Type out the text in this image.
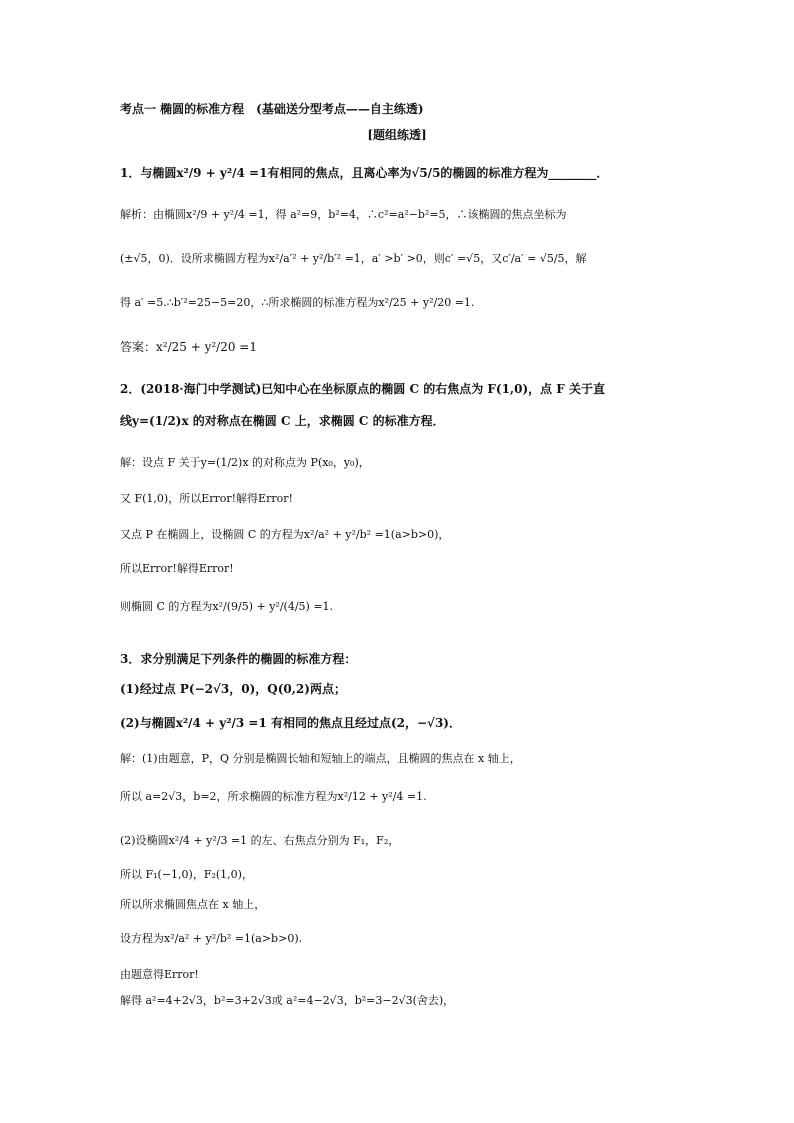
考点一 椭圆的标准方程　(基础送分型考点——自主练透)
[题组练透]
1．与椭圆x²/9 + y²/4 =1有相同的焦点，且离心率为√5/5的椭圆的标准方程为________．
解析：由椭圆x²/9 + y²/4 =1，得 a²=9，b²=4，∴c²=a²−b²=5，∴该椭圆的焦点坐标为
(±√5，0)．设所求椭圆方程为x²/a′² + y²/b′² =1，a′ >b′ >0，则c′ =√5，又c′/a′ = √5/5，解
得 a′ =5.∴b′²=25−5=20，∴所求椭圆的标准方程为x²/25 + y²/20 =1.
答案：x²/25 + y²/20 =1
2．(2018·海门中学测试)已知中心在坐标原点的椭圆 C 的右焦点为 F(1,0)，点 F 关于直
线y=(1/2)x 的对称点在椭圆 C 上，求椭圆 C 的标准方程．
解：设点 F 关于y=(1/2)x 的对称点为 P(x₀，y₀)，
又 F(1,0)，所以Error!解得Error!
又点 P 在椭圆上，设椭圆 C 的方程为x²/a² + y²/b² =1(a>b>0)，
所以Error!解得Error!
则椭圆 C 的方程为x²/(9/5) + y²/(4/5) =1.
3．求分别满足下列条件的椭圆的标准方程：
(1)经过点 P(−2√3，0)，Q(0,2)两点；
(2)与椭圆x²/4 + y²/3 =1 有相同的焦点且经过点(2，−√3)．
解：(1)由题意，P，Q 分别是椭圆长轴和短轴上的端点，且椭圆的焦点在 x 轴上，
所以 a=2√3，b=2，所求椭圆的标准方程为x²/12 + y²/4 =1.
(2)设椭圆x²/4 + y²/3 =1 的左、右焦点分别为 F₁，F₂，
所以 F₁(−1,0)，F₂(1,0)，
所以所求椭圆焦点在 x 轴上，
设方程为x²/a² + y²/b² =1(a>b>0).
由题意得Error!
解得 a²=4+2√3，b²=3+2√3或 a²=4−2√3，b²=3−2√3(舍去)，
